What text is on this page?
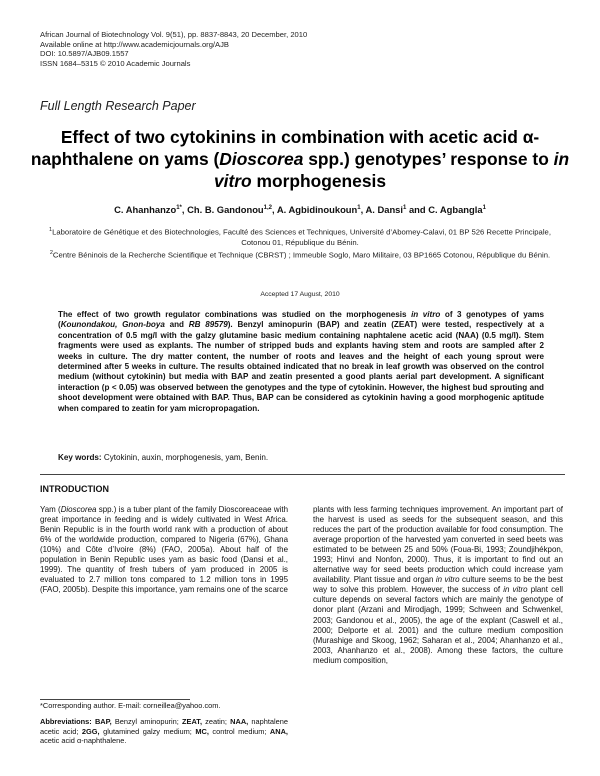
African Journal of Biotechnology Vol. 9(51), pp. 8837-8843, 20 December, 2010
Available online at http://www.academicjournals.org/AJB
DOI: 10.5897/AJB09.1557
ISSN 1684–5315 © 2010 Academic Journals
Full Length Research Paper
Effect of two cytokinins in combination with acetic acid α-naphthalene on yams (Dioscorea spp.) genotypes’ response to in vitro morphogenesis
C. Ahanhanzo$^{1*}$, Ch. B. Gandonou$^{1,2}$, A. Agbidinoukoun$^1$, A. Dansi$^1$ and C. Agbangla$^1$
$^1$Laboratoire de Génétique et des Biotechnologies, Faculté des Sciences et Techniques, Université d’Abomey-Calavi, 01 BP 526 Recette Principale, Cotonou 01, République du Bénin.
$^2$Centre Béninois de la Recherche Scientifique et Technique (CBRST) ; Immeuble Soglo, Maro Militaire, 03 BP1665 Cotonou, République du Bénin.
Accepted 17 August, 2010
The effect of two growth regulator combinations was studied on the morphogenesis in vitro of 3 genotypes of yams (Kounondakou, Gnon-boya and RB 89579). Benzyl aminopurin (BAP) and zeatin (ZEAT) were tested, respectively at a concentration of 0.5 mg/l with the galzy glutamine basic medium containing naphtalene acetic acid (NAA) (0.5 mg/l). Stem fragments were used as explants. The number of stripped buds and explants having stem and roots are sampled after 2 weeks in culture. The dry matter content, the number of roots and leaves and the height of each young sprout were determined after 5 weeks in culture. The results obtained indicated that no break in leaf growth was observed on the control medium (without cytokinin) but media with BAP and zeatin presented a good plants aerial part development. A significant interaction (p < 0.05) was observed between the genotypes and the type of cytokinin. However, the highest bud sprouting and shoot development were obtained with BAP. Thus, BAP can be considered as cytokinin having a good morphogenic aptitude when compared to zeatin for yam micropropagation.
Key words: Cytokinin, auxin, morphogenesis, yam, Benin.
INTRODUCTION
Yam (Dioscorea spp.) is a tuber plant of the family Dioscoreaceae with great importance in feeding and is widely cultivated in West Africa. Benin Republic is in the fourth world rank with a production of about 6% of the worldwide production, compared to Nigeria (67%), Ghana (10%) and Côte d’Ivoire (8%) (FAO, 2005a). About half of the population in Benin Republic uses yam as basic food (Dansi et al., 1999). The quantity of fresh tubers of yam produced in 2005 is evaluated to 2.7 million tons compared to 1.2 million tons in 1995 (FAO, 2005b). Despite this importance, yam remains one of the scarce
plants with less farming techniques improvement. An important part of the harvest is used as seeds for the subsequent season, and this reduces the part of the production available for food consumption. The average proportion of the harvested yam converted in seed beets was estimated to be between 25 and 50% (Foua-Bi, 1993; Zoundjihékpon, 1993; Hinvi and Nonfon, 2000). Thus, it is important to find out an alternative way for seed beets production which could increase yam availability. Plant tissue and organ in vitro culture seems to be the best way to solve this problem. However, the success of in vitro plant cell culture depends on several factors which are mainly the genotype of donor plant (Arzani and Mirodjagh, 1999; Schween and Schwenkel, 2003; Gandonou et al., 2005), the age of the explant (Caswell et al., 2000; Delporte et al. 2001) and the culture medium composition (Murashige and Skoog, 1962; Saharan et al., 2004; Ahanhanzo et al., 2003, Ahanhanzo et al., 2008). Among these factors, the culture medium composition,
*Corresponding author. E-mail: corneillea@yahoo.com.
Abbreviations: BAP, Benzyl aminopurin; ZEAT, zeatin; NAA, naphtalene acetic acid; 2GG, glutamined galzy medium; MC, control medium; ANA, acetic acid α-naphthalene.
